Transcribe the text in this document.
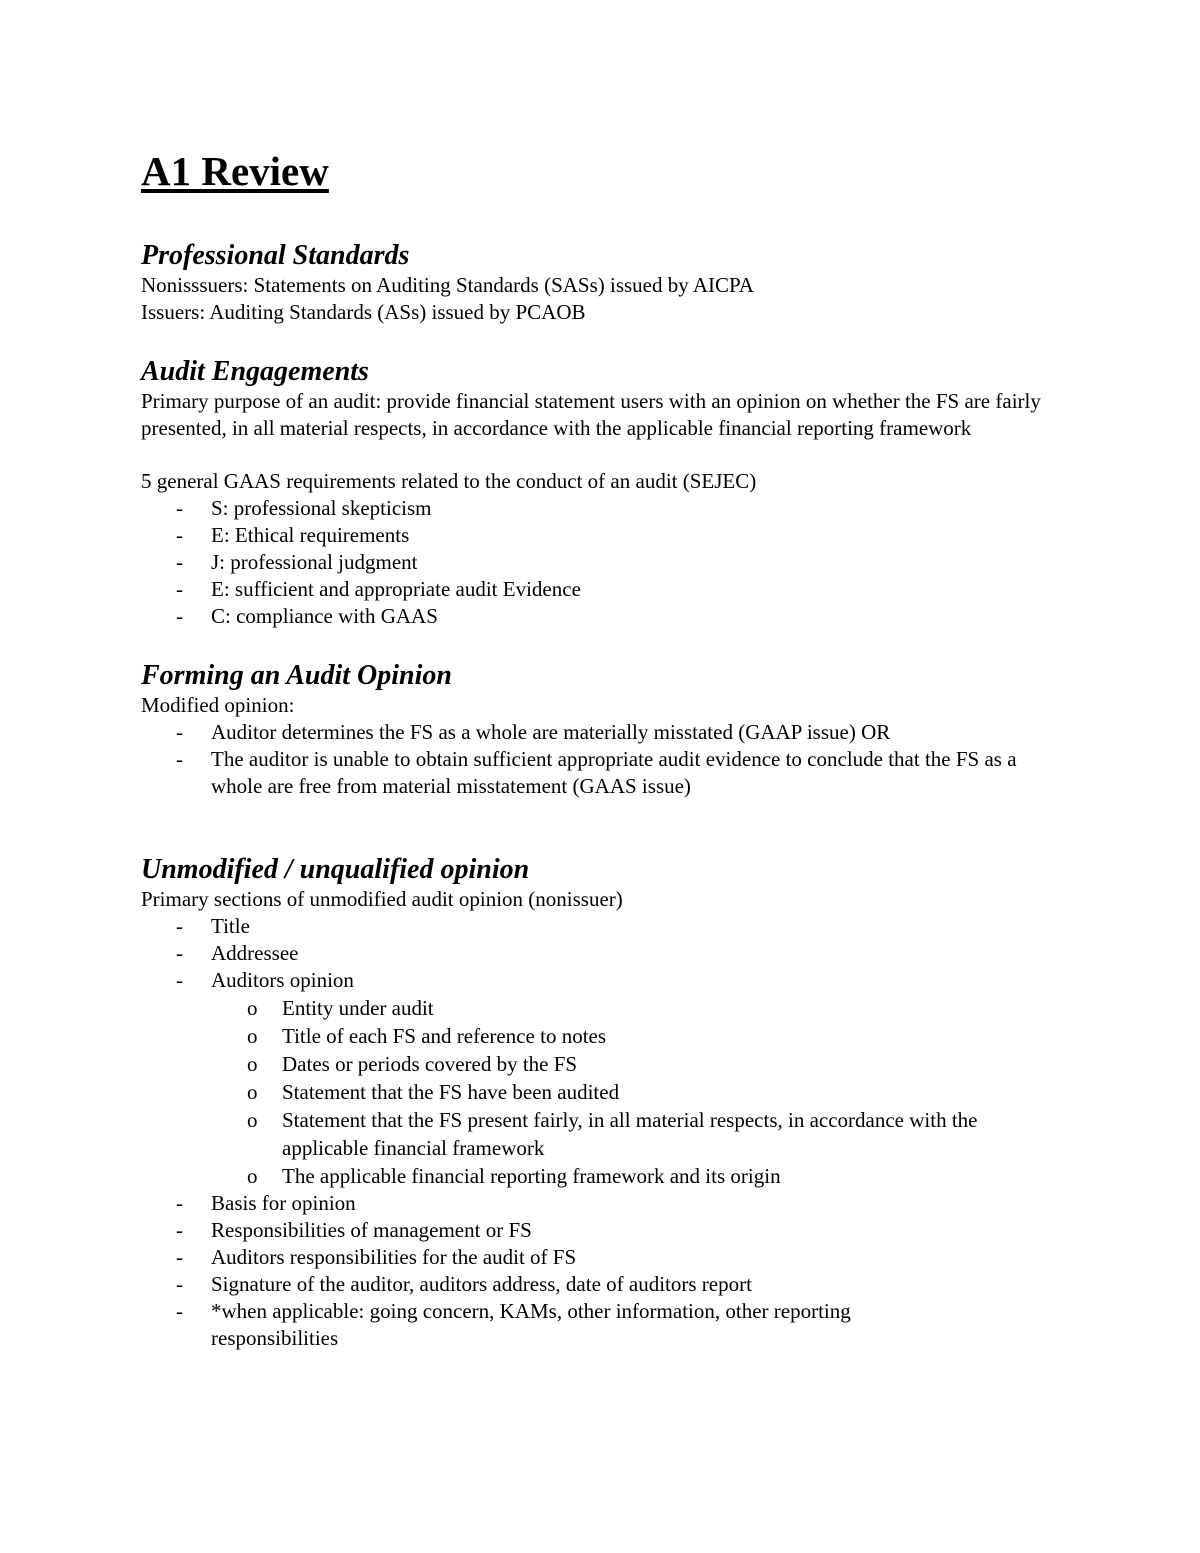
A1 Review
Professional Standards

Nonisssuers: Statements on Auditing Standards (SASs) issued by AICPA

Issuers: Auditing Standards (ASs) issued by PCAOB

Audit Engagements

Primary purpose of an audit: provide financial statement users with an opinion on whether the FS are fairly presented, in all material respects, in accordance with the applicable financial reporting framework

5 general GAAS requirements related to the conduct of an audit (SEJEC)

- S: professional skepticism
- E: Ethical requirements
- J: professional judgment
- E: sufficient and appropriate audit Evidence
- C: compliance with GAAS
Forming an Audit Opinion

Modified opinion:

- Auditor determines the FS as a whole are materially misstated (GAAP issue) OR
- The auditor is unable to obtain sufficient appropriate audit evidence to conclude that the FS as a whole are free from material misstatement (GAAS issue)
Unmodified / unqualified opinion

Primary sections of unmodified audit opinion (nonissuer)

- Title
- Addressee
- Auditors opinion
o Entity under audit
o Title of each FS and reference to notes
o Dates or periods covered by the FS
o Statement that the FS have been audited
o Statement that the FS present fairly, in all material respects, in accordance with the applicable financial framework
o The applicable financial reporting framework and its origin
- Basis for opinion
- Responsibilities of management or FS
- Auditors responsibilities for the audit of FS
- Signature of the auditor, auditors address, date of auditors report
- *when applicable: going concern, KAMs, other information, other reporting responsibilities
